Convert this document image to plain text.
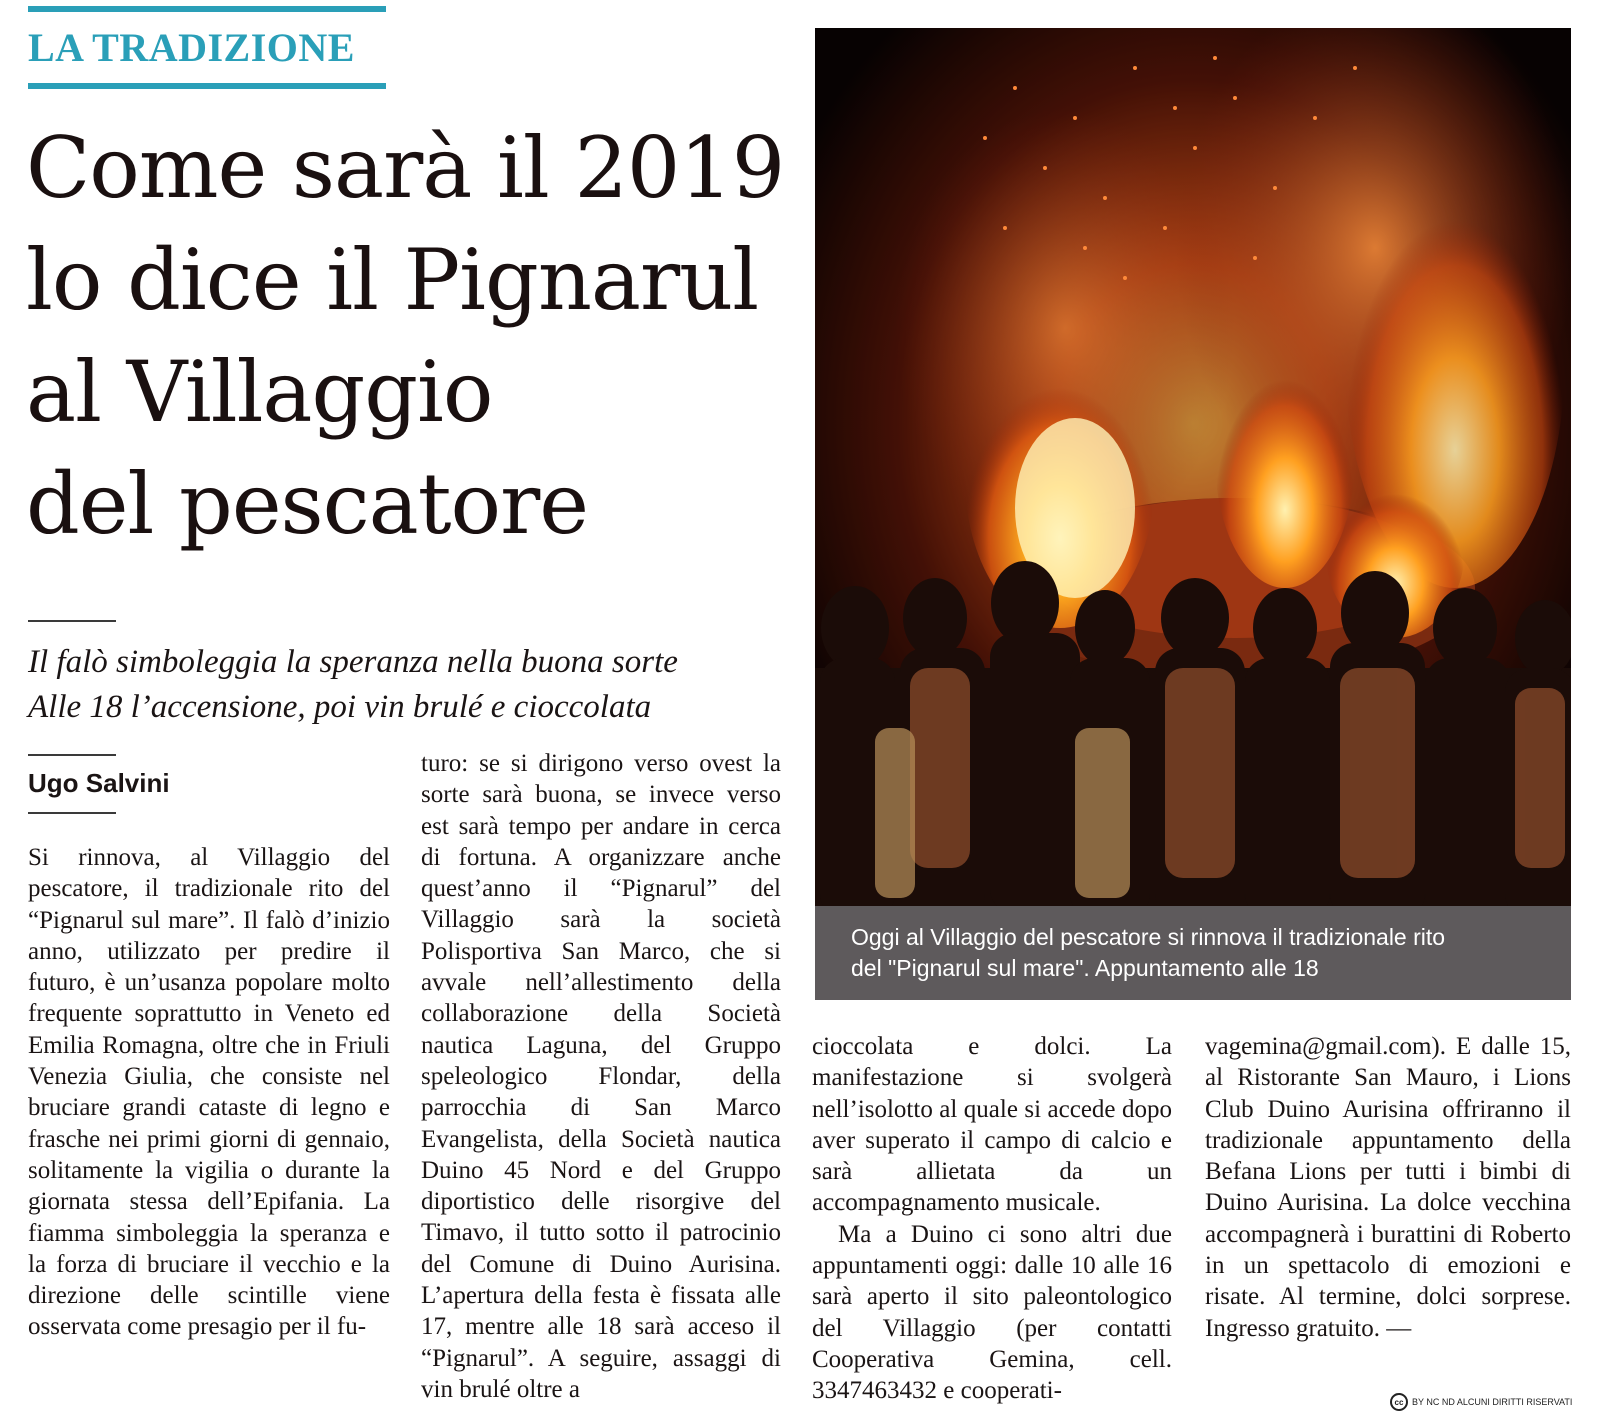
LA TRADIZIONE
Come sarà il 2019
lo dice il Pignarul
al Villaggio
del pescatore
Il falò simboleggia la speranza nella buona sorte
Alle 18 l’accensione, poi vin brulé e cioccolata
Ugo Salvini

Si rinnova, al Villaggio del pescatore, il tradizionale rito del “Pignarul sul mare”. Il falò d’inizio anno, utilizzato per predire il futuro, è un’usanza popolare molto frequente soprattutto in Veneto ed Emilia Romagna, oltre che in Friuli Venezia Giulia, che consiste nel bruciare grandi cataste di legno e frasche nei primi giorni di gennaio, solitamente la vigilia o durante la giornata stessa dell’Epifania. La fiamma simboleggia la speranza e la forza di bruciare il vecchio e la direzione delle scintille viene osservata come presagio per il fu-

turo: se si dirigono verso ovest la sorte sarà buona, se invece verso est sarà tempo per andare in cerca di fortuna. A organizzare anche quest’anno il “Pignarul” del Villaggio sarà la società Polisportiva San Marco, che si avvale nell’allestimento della collaborazione della Società nautica Laguna, del Gruppo speleologico Flondar, della parrocchia di San Marco Evangelista, della Società nautica Duino 45 Nord e del Gruppo diportistico delle risorgive del Timavo, il tutto sotto il patrocinio del Comune di Duino Aurisina. L’apertura della festa è fissata alle 17, mentre alle 18 sarà acceso il “Pignarul”. A seguire, assaggi di vin brulé oltre a

cioccolata e dolci. La manifestazione si svolgerà nell’isolotto al quale si accede dopo aver superato il campo di calcio e sarà allietata da un accompagnamento musicale.

Ma a Duino ci sono altri due appuntamenti oggi: dalle 10 alle 16 sarà aperto il sito paleontologico del Villaggio (per contatti Cooperativa Gemina, cell. 3347463432 e cooperati-

vagemina@gmail.com). E dalle 15, al Ristorante San Mauro, i Lions Club Duino Aurisina offriranno il tradizionale appuntamento della Befana Lions per tutti i bimbi di Duino Aurisina. La dolce vecchina accompagnerà i burattini di Roberto in un spettacolo di emozioni e risate. Al termine, dolci sorprese. Ingresso gratuito. —

Oggi al Villaggio del pescatore si rinnova il tradizionale rito
del "Pignarul sul mare". Appuntamento alle 18
cc BY NC ND ALCUNI DIRITTI RISERVATI
